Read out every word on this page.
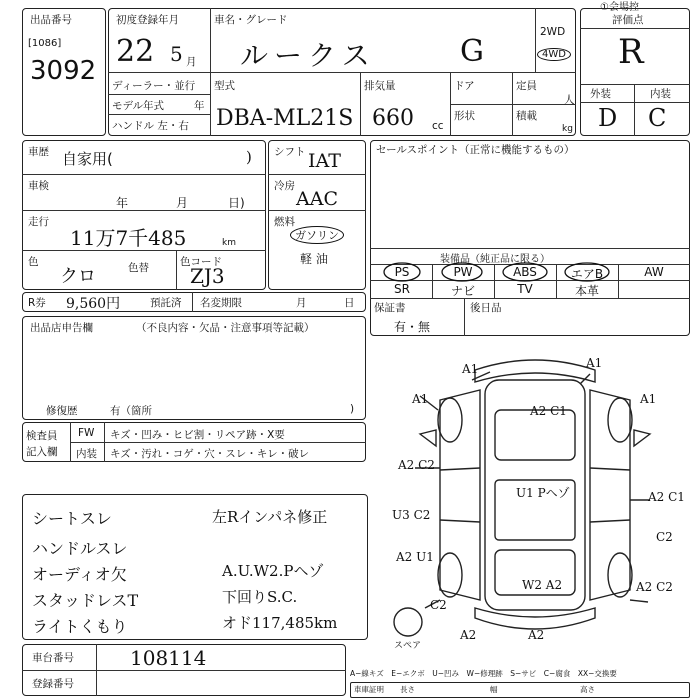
出品番号
[1086]
3092
初度登録年月
22 5 月
車名・グレード
ルークス	G
2WD
4WD
ディーラー・並行
モデル年式	年
ハンドル 左・右
型式
DBA-ML21S
排気量
660 cc
ドア
形状
定員
人
積載
kg
①会場控
評価点
R
外装	内装
D C
車歴 自家用(	)
車検
年	月	日)
走行
11万7千485	km
色
クロ	色替	色コード
ZJ3
シフト IAT
冷房
AAC
燃料
ガソリン
軽 油
R券 9,560円	預託済 名変期限	月	日
セールスポイント（正常に機能するもの）
装備品（純正品に限る）
PS	PW	ABS	エアB	AW
SR	ナビ	TV	本革
保証書
有・無
後日品
出品店申告欄	（不良内容・欠品・注意事項等記載）
修復歴	有（箇所	)
検査員
記入欄
FW キズ・凹み・ヒビ割・リペア跡・X要
内装 キズ・汚れ・コゲ・穴・スレ・キレ・破レ
シートスレ
ハンドルスレ
オーディオ欠
スタッドレスT
ライトくもり
左Rインパネ修正
A.U.W2.Pヘゾ
下回りS.C.
オド117,485km
車台番号	108114
登録番号
A−線キズ　E−エクボ　U−凹み　W−修理跡　S−サビ　C−腐食　XX−交換要
車庫証明 長さ	幅	高さ
A1	A1
A1	A1
A2 C1
A2 C2
U1 Pヘゾ
U3 C2
A2 C1
C2
A2 U1
W2 A2
C2
A2	A2
A2 C2
スペア
